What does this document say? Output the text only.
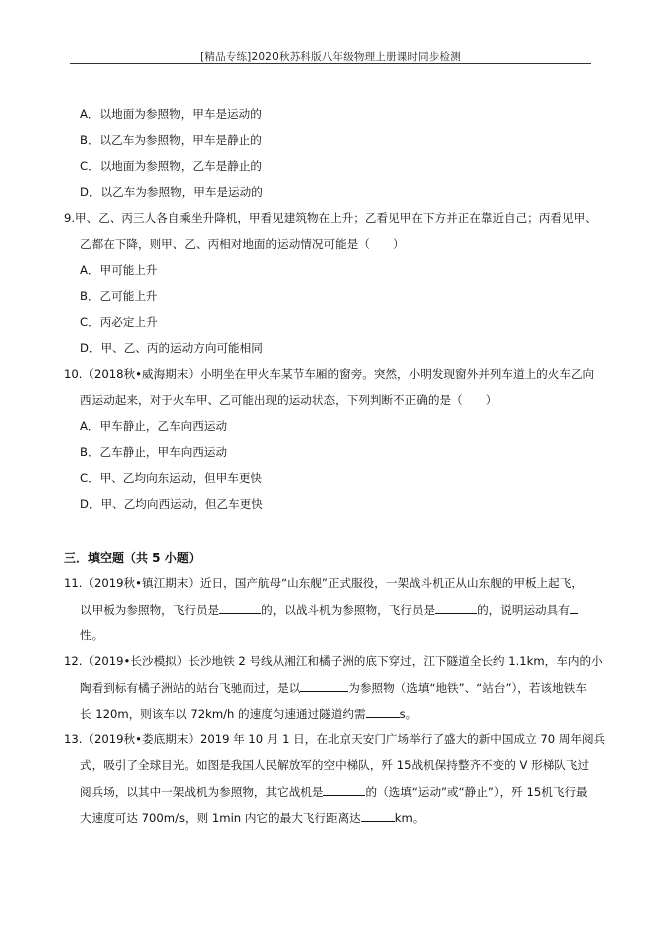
[精品专练]2020秋苏科版八年级物理上册课时同步检测
A．以地面为参照物，甲车是运动的
B．以乙车为参照物，甲车是静止的
C．以地面为参照物，乙车是静止的
D．以乙车为参照物，甲车是运动的
9.甲、乙、丙三人各自乘坐升降机，甲看见建筑物在上升；乙看见甲在下方并正在靠近自己；丙看见甲、
乙都在下降，则甲、乙、丙相对地面的运动情况可能是（　　）
A．甲可能上升
B．乙可能上升
C．丙必定上升
D．甲、乙、丙的运动方向可能相同
10.（2018秋•威海期末）小明坐在甲火车某节车厢的窗旁。突然，小明发现窗外并列车道上的火车乙向
西运动起来，对于火车甲、乙可能出现的运动状态，下列判断不正确的是（　　）
A．甲车静止，乙车向西运动
B．乙车静止，甲车向西运动
C．甲、乙均向东运动，但甲车更快
D．甲、乙均向西运动，但乙车更快
三．填空题（共 5 小题）
11.（2019秋•镇江期末）近日，国产航母“山东舰”正式服役，一架战斗机正从山东舰的甲板上起飞，
以甲板为参照物，飞行员是	的，以战斗机为参照物，飞行员是	的，说明运动具有
性。
12.（2019•长沙模拟）长沙地铁 2 号线从湘江和橘子洲的底下穿过，江下隧道全长约 1.1km，车内的小
陶看到标有橘子洲站的站台飞驰而过，是以	为参照物（选填“地铁”、“站台”），若该地铁车
长 120m，则该车以 72km/h 的速度匀速通过隧道约需	s。
13.（2019秋•娄底期末）2019 年 10 月 1 日，在北京天安门广场举行了盛大的新中国成立 70 周年阅兵
式，吸引了全球目光。如图是我国人民解放军的空中梯队，歼 15战机保持整齐不变的 V 形梯队飞过
阅兵场，以其中一架战机为参照物，其它战机是	的（选填“运动”或“静止”），歼 15机飞行最
大速度可达 700m/s，则 1min 内它的最大飞行距离达	km。
